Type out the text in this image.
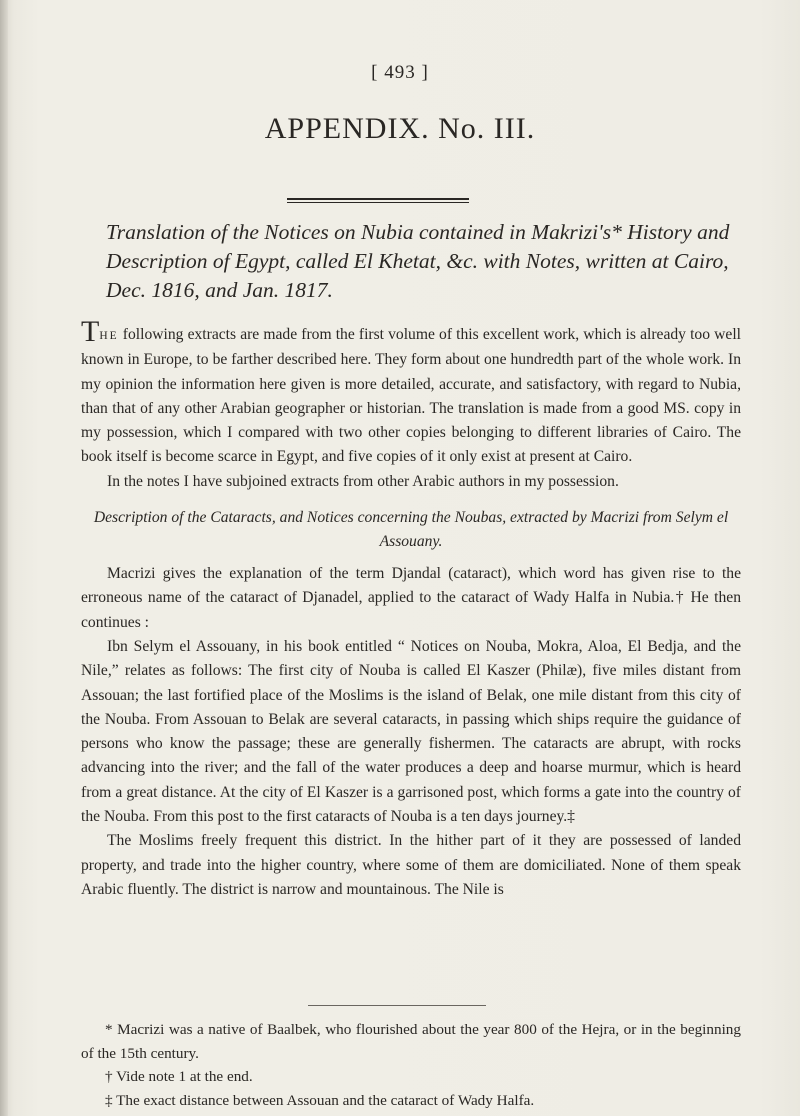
[ 493 ]
APPENDIX. No. III.

Translation of the Notices on Nubia contained in Makrizi's* History and Description of Egypt, called El Khetat, &c. with Notes, written at Cairo, Dec. 1816, and Jan. 1817.

THE following extracts are made from the first volume of this excellent work, which is already too well known in Europe, to be farther described here. They form about one hundredth part of the whole work. In my opinion the information here given is more detailed, accurate, and satisfactory, with regard to Nubia, than that of any other Arabian geographer or historian. The translation is made from a good MS. copy in my possession, which I compared with two other copies belonging to different libraries of Cairo. The book itself is become scarce in Egypt, and five copies of it only exist at present at Cairo.

In the notes I have subjoined extracts from other Arabic authors in my possession.

Description of the Cataracts, and Notices concerning the Noubas, extracted by Macrizi from Selym el Assouany.

Macrizi gives the explanation of the term Djandal (cataract), which word has given rise to the erroneous name of the cataract of Djanadel, applied to the cataract of Wady Halfa in Nubia.† He then continues :

Ibn Selym el Assouany, in his book entitled “ Notices on Nouba, Mokra, Aloa, El Bedja, and the Nile,” relates as follows: The first city of Nouba is called El Kaszer (Philæ), five miles distant from Assouan; the last fortified place of the Moslims is the island of Belak, one mile distant from this city of the Nouba. From Assouan to Belak are several cataracts, in passing which ships require the guidance of persons who know the passage; these are generally fishermen. The cataracts are abrupt, with rocks advancing into the river; and the fall of the water produces a deep and hoarse murmur, which is heard from a great distance. At the city of El Kaszer is a garrisoned post, which forms a gate into the country of the Nouba. From this post to the first cataracts of Nouba is a ten days journey.‡

The Moslims freely frequent this district. In the hither part of it they are possessed of landed property, and trade into the higher country, where some of them are domiciliated. None of them speak Arabic fluently. The district is narrow and mountainous. The Nile is

* Macrizi was a native of Baalbek, who flourished about the year 800 of the Hejra, or in the beginning of the 15th century.

† Vide note 1 at the end.

‡ The exact distance between Assouan and the cataract of Wady Halfa.
